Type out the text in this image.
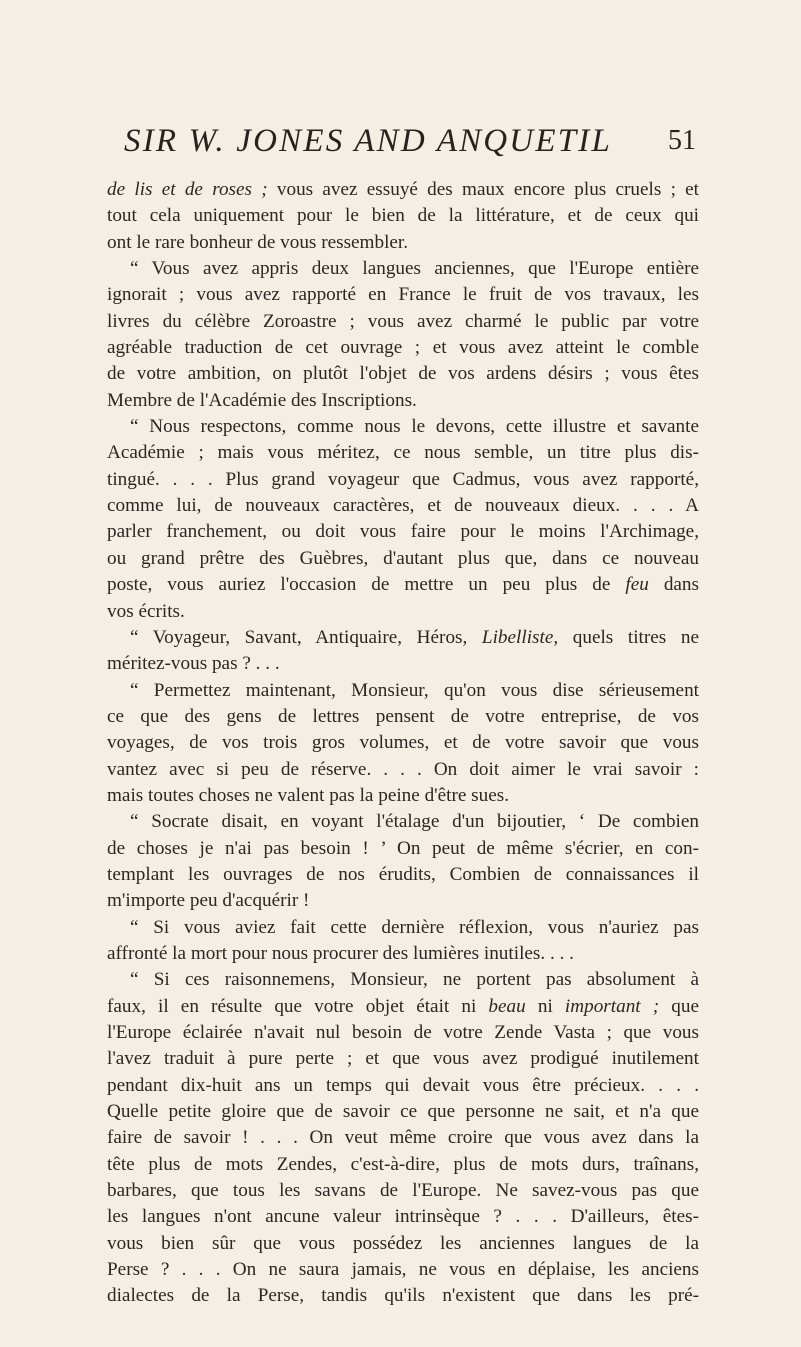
SIR W. JONES AND ANQUETIL	51
de lis et de roses ; vous avez essuyé des maux encore plus cruels ; et
tout cela uniquement pour le bien de la littérature, et de ceux qui
ont le rare bonheur de vous ressembler.
“ Vous avez appris deux langues anciennes, que l'Europe entière
ignorait ; vous avez rapporté en France le fruit de vos travaux, les
livres du célèbre Zoroastre ; vous avez charmé le public par votre
agréable traduction de cet ouvrage ; et vous avez atteint le comble
de votre ambition, on plutôt l'objet de vos ardens désirs ; vous êtes
Membre de l'Académie des Inscriptions.
“ Nous respectons, comme nous le devons, cette illustre et savante
Académie ; mais vous méritez, ce nous semble, un titre plus dis-
tingué. . . . Plus grand voyageur que Cadmus, vous avez rapporté,
comme lui, de nouveaux caractères, et de nouveaux dieux. . . . A
parler franchement, ou doit vous faire pour le moins l'Archimage,
ou grand prêtre des Guèbres, d'autant plus que, dans ce nouveau
poste, vous auriez l'occasion de mettre un peu plus de feu dans
vos écrits.
“ Voyageur, Savant, Antiquaire, Héros, Libelliste, quels titres ne
méritez-vous pas ? . . .
“ Permettez maintenant, Monsieur, qu'on vous dise sérieusement
ce que des gens de lettres pensent de votre entreprise, de vos
voyages, de vos trois gros volumes, et de votre savoir que vous
vantez avec si peu de réserve. . . . On doit aimer le vrai savoir :
mais toutes choses ne valent pas la peine d'être sues.
“ Socrate disait, en voyant l'étalage d'un bijoutier, ‘ De combien
de choses je n'ai pas besoin ! ’ On peut de même s'écrier, en con-
templant les ouvrages de nos érudits, Combien de connaissances il
m'importe peu d'acquérir !
“ Si vous aviez fait cette dernière réflexion, vous n'auriez pas
affronté la mort pour nous procurer des lumières inutiles. . . .
“ Si ces raisonnemens, Monsieur, ne portent pas absolument à
faux, il en résulte que votre objet était ni beau ni important ; que
l'Europe éclairée n'avait nul besoin de votre Zende Vasta ; que vous
l'avez traduit à pure perte ; et que vous avez prodigué inutilement
pendant dix-huit ans un temps qui devait vous être précieux. . . .
Quelle petite gloire que de savoir ce que personne ne sait, et n'a que
faire de savoir ! . . . On veut même croire que vous avez dans la
tête plus de mots Zendes, c'est-à-dire, plus de mots durs, traînans,
barbares, que tous les savans de l'Europe. Ne savez-vous pas que
les langues n'ont ancune valeur intrinsèque ? . . . D'ailleurs, êtes-
vous bien sûr que vous possédez les anciennes langues de la
Perse ? . . . On ne saura jamais, ne vous en déplaise, les anciens
dialectes de la Perse, tandis qu'ils n'existent que dans les pré-
